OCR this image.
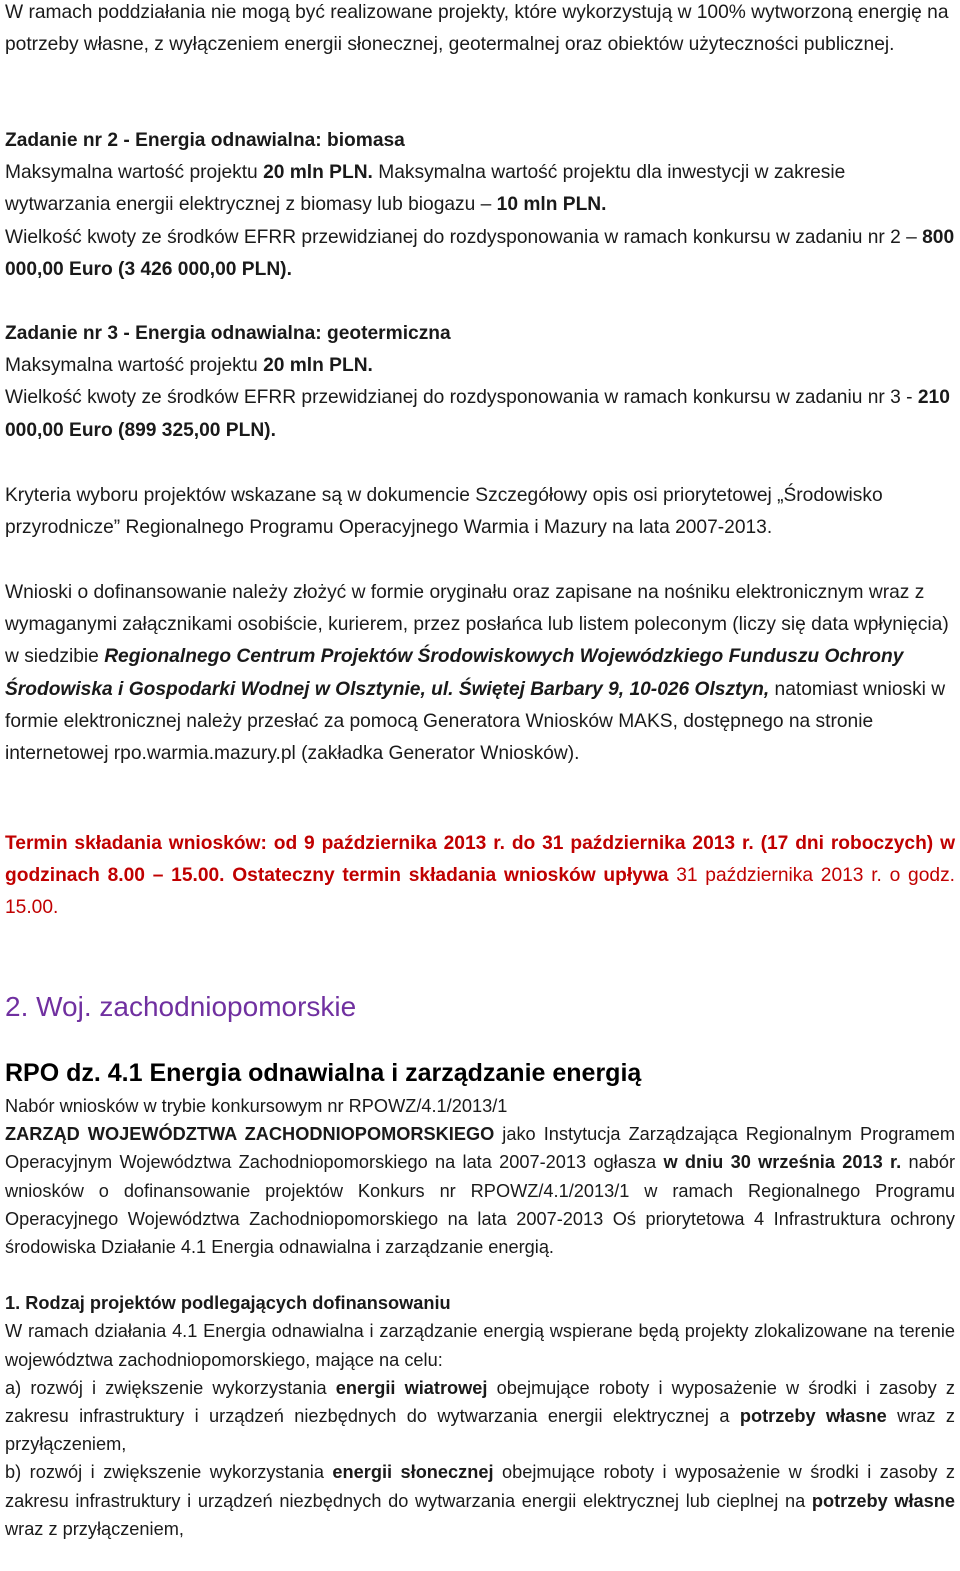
W ramach poddziałania nie mogą być realizowane projekty, które wykorzystują w 100% wytworzoną energię na potrzeby własne, z wyłączeniem energii słonecznej, geotermalnej oraz obiektów użyteczności publicznej.

Zadanie nr 2 - Energia odnawialna: biomasa

Maksymalna wartość projektu 20 mln PLN. Maksymalna wartość projektu dla inwestycji w zakresie wytwarzania energii elektrycznej z biomasy lub biogazu – 10 mln PLN.

Wielkość kwoty ze środków EFRR przewidzianej do rozdysponowania w ramach konkursu w zadaniu nr 2 – 800 000,00 Euro (3 426 000,00 PLN).

Zadanie nr 3 - Energia odnawialna: geotermiczna

Maksymalna wartość projektu 20 mln PLN.

Wielkość kwoty ze środków EFRR przewidzianej do rozdysponowania w ramach konkursu w zadaniu nr 3 - 210 000,00 Euro (899 325,00 PLN).

Kryteria wyboru projektów wskazane są w dokumencie Szczegółowy opis osi priorytetowej „Środowisko przyrodnicze” Regionalnego Programu Operacyjnego Warmia i Mazury na lata 2007-2013.

Wnioski o dofinansowanie należy złożyć w formie oryginału oraz zapisane na nośniku elektronicznym wraz z wymaganymi załącznikami osobiście, kurierem, przez posłańca lub listem poleconym (liczy się data wpłynięcia) w siedzibie Regionalnego Centrum Projektów Środowiskowych Wojewódzkiego Funduszu Ochrony Środowiska i Gospodarki Wodnej w Olsztynie, ul. Świętej Barbary 9, 10-026 Olsztyn, natomiast wnioski w formie elektronicznej należy przesłać za pomocą Generatora Wniosków MAKS, dostępnego na stronie internetowej rpo.warmia.mazury.pl (zakładka Generator Wniosków).

Termin składania wniosków: od 9 października 2013 r. do 31 października 2013 r. (17 dni roboczych) w godzinach 8.00 – 15.00. Ostateczny termin składania wniosków upływa 31 października 2013 r. o godz. 15.00.

2. Woj. zachodniopomorskie
RPO dz. 4.1 Energia odnawialna i zarządzanie energią

Nabór wniosków w trybie konkursowym nr RPOWZ/4.1/2013/1

ZARZĄD WOJEWÓDZTWA ZACHODNIOPOMORSKIEGO jako Instytucja Zarządzająca Regionalnym Programem Operacyjnym Województwa Zachodniopomorskiego na lata 2007-2013 ogłasza w dniu 30 września 2013 r. nabór wniosków o dofinansowanie projektów Konkurs nr RPOWZ/4.1/2013/1 w ramach Regionalnego Programu Operacyjnego Województwa Zachodniopomorskiego na lata 2007-2013 Oś priorytetowa 4 Infrastruktura ochrony środowiska Działanie 4.1 Energia odnawialna i zarządzanie energią.

1. Rodzaj projektów podlegających dofinansowaniu

W ramach działania 4.1 Energia odnawialna i zarządzanie energią wspierane będą projekty zlokalizowane na terenie województwa zachodniopomorskiego, mające na celu:

a) rozwój i zwiększenie wykorzystania energii wiatrowej obejmujące roboty i wyposażenie w środki i zasoby z zakresu infrastruktury i urządzeń niezbędnych do wytwarzania energii elektrycznej a potrzeby własne wraz z przyłączeniem,

b) rozwój i zwiększenie wykorzystania energii słonecznej obejmujące roboty i wyposażenie w środki i zasoby z zakresu infrastruktury i urządzeń niezbędnych do wytwarzania energii elektrycznej lub cieplnej na potrzeby własne wraz z przyłączeniem,
